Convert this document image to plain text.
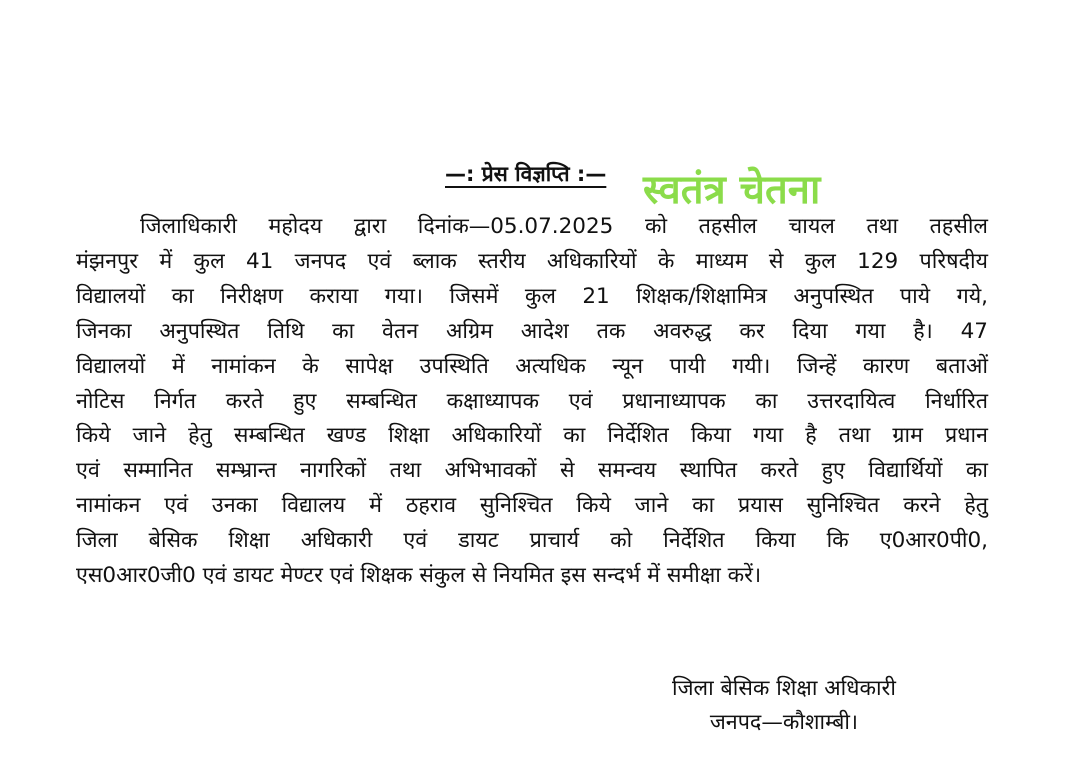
—: प्रेस विज्ञप्ति :— स्वतंत्र चेतना

जिलाधिकारी महोदय द्वारा दिनांक—05.07.2025 को तहसील चायल तथा तहसील
मंझनपुर में कुल 41 जनपद एवं ब्लाक स्तरीय अधिकारियों के माध्यम से कुल 129 परिषदीय
विद्यालयों का निरीक्षण कराया गया। जिसमें कुल 21 शिक्षक/शिक्षामित्र अनुपस्थित पाये गये,
जिनका अनुपस्थित तिथि का वेतन अग्रिम आदेश तक अवरुद्ध कर दिया गया है। 47
विद्यालयों में नामांकन के सापेक्ष उपस्थिति अत्यधिक न्यून पायी गयी। जिन्हें कारण बताओं
नोटिस निर्गत करते हुए सम्बन्धित कक्षाध्यापक एवं प्रधानाध्यापक का उत्तरदायित्व निर्धारित
किये जाने हेतु सम्बन्धित खण्ड शिक्षा अधिकारियों का निर्देशित किया गया है तथा ग्राम प्रधान
एवं सम्मानित सम्भ्रान्त नागरिकों तथा अभिभावकों से समन्वय स्थापित करते हुए विद्यार्थियों का
नामांकन एवं उनका विद्यालय में ठहराव सुनिश्चित किये जाने का प्रयास सुनिश्चित करने हेतु
जिला बेसिक शिक्षा अधिकारी एवं डायट प्राचार्य को निर्देशित किया कि ए0आर0पी0,
एस0आर0जी0 एवं डायट मेण्टर एवं शिक्षक संकुल से नियमित इस सन्दर्भ में समीक्षा करें।

जिला बेसिक शिक्षा अधिकारी
जनपद—कौशाम्बी।
